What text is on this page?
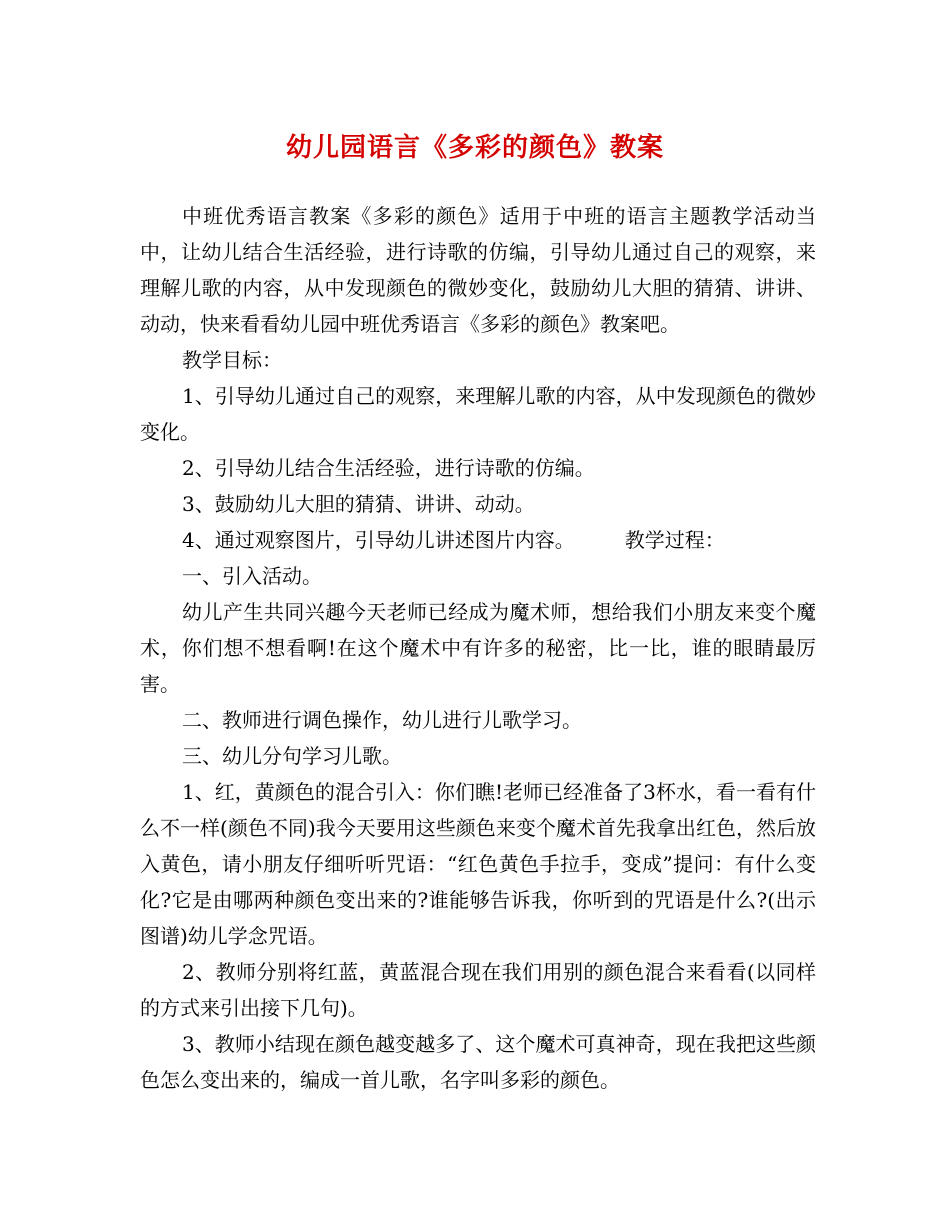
幼儿园语言《多彩的颜色》教案

中班优秀语言教案《多彩的颜色》适用于中班的语言主题教学活动当中，让幼儿结合生活经验，进行诗歌的仿编，引导幼儿通过自己的观察，来理解儿歌的内容，从中发现颜色的微妙变化，鼓励幼儿大胆的猜猜、讲讲、动动，快来看看幼儿园中班优秀语言《多彩的颜色》教案吧。

教学目标：

1、引导幼儿通过自己的观察，来理解儿歌的内容，从中发现颜色的微妙变化。

2、引导幼儿结合生活经验，进行诗歌的仿编。

3、鼓励幼儿大胆的猜猜、讲讲、动动。

4、通过观察图片，引导幼儿讲述图片内容。　　　教学过程：

一、引入活动。

幼儿产生共同兴趣今天老师已经成为魔术师，想给我们小朋友来变个魔术，你们想不想看啊!在这个魔术中有许多的秘密，比一比，谁的眼睛最厉害。

二、教师进行调色操作，幼儿进行儿歌学习。

三、幼儿分句学习儿歌。

1、红，黄颜色的混合引入：你们瞧!老师已经准备了3杯水，看一看有什么不一样(颜色不同)我今天要用这些颜色来变个魔术首先我拿出红色，然后放入黄色，请小朋友仔细听听咒语：“红色黄色手拉手，变成”提问：有什么变化?它是由哪两种颜色变出来的?谁能够告诉我，你听到的咒语是什么?(出示图谱)幼儿学念咒语。

2、教师分别将红蓝，黄蓝混合现在我们用别的颜色混合来看看(以同样的方式来引出接下几句)。

3、教师小结现在颜色越变越多了、这个魔术可真神奇，现在我把这些颜色怎么变出来的，编成一首儿歌，名字叫多彩的颜色。
